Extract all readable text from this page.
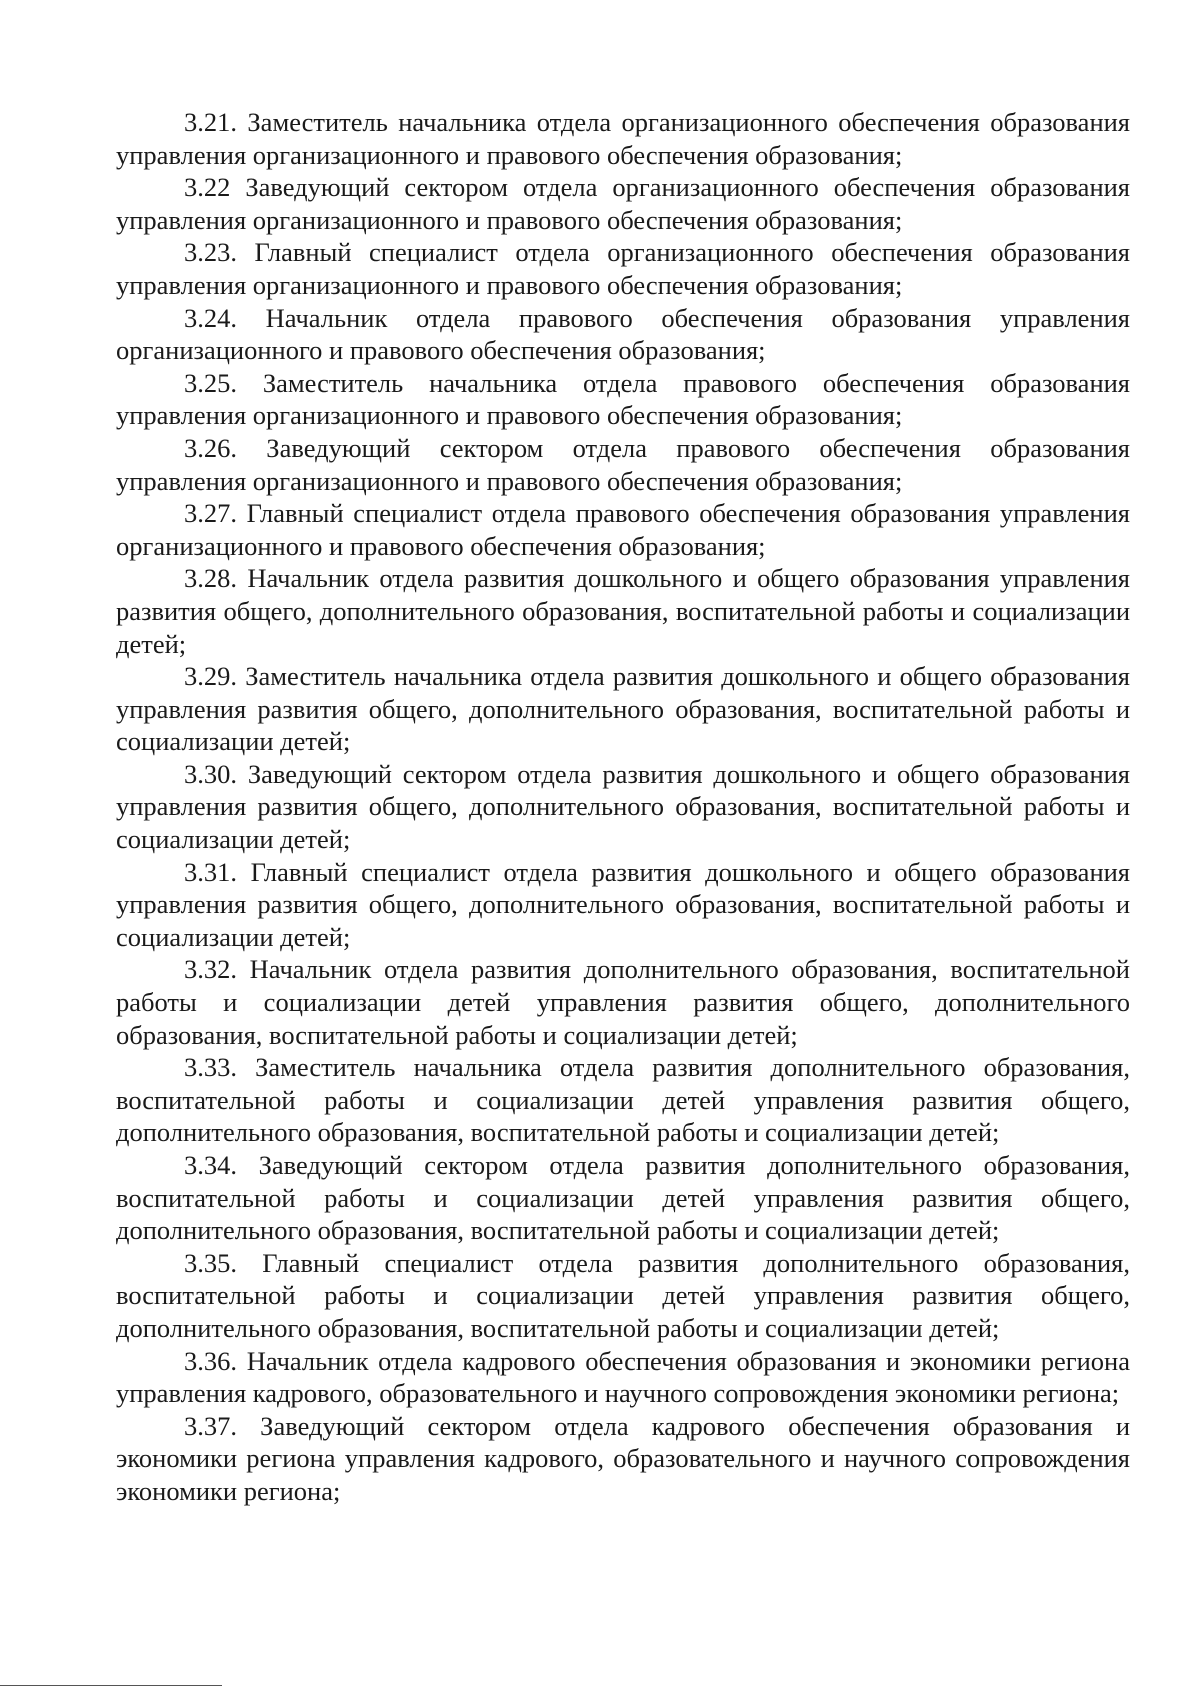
3.21. Заместитель начальника отдела организационного обеспечения образования управления организационного и правового обеспечения образования;

3.22 Заведующий сектором отдела организационного обеспечения образования управления организационного и правового обеспечения образования;

3.23. Главный специалист отдела организационного обеспечения образования управления организационного и правового обеспечения образования;

3.24. Начальник отдела правового обеспечения образования управления организационного и правового обеспечения образования;

3.25. Заместитель начальника отдела правового обеспечения образования управления организационного и правового обеспечения образования;

3.26. Заведующий сектором отдела правового обеспечения образования управления организационного и правового обеспечения образования;

3.27. Главный специалист отдела правового обеспечения образования управления организационного и правового обеспечения образования;

3.28. Начальник отдела развития дошкольного и общего образования управления развития общего, дополнительного образования, воспитательной работы и социализации детей;

3.29. Заместитель начальника отдела развития дошкольного и общего образования управления развития общего, дополнительного образования, воспитательной работы и социализации детей;

3.30. Заведующий сектором отдела развития дошкольного и общего образования управления развития общего, дополнительного образования, воспитательной работы и социализации детей;

3.31. Главный специалист отдела развития дошкольного и общего образования управления развития общего, дополнительного образования, воспитательной работы и социализации детей;

3.32. Начальник отдела развития дополнительного образования, воспитательной работы и социализации детей управления развития общего, дополнительного образования, воспитательной работы и социализации детей;

3.33. Заместитель начальника отдела развития дополнительного образования, воспитательной работы и социализации детей управления развития общего, дополнительного образования, воспитательной работы и социализации детей;

3.34. Заведующий сектором отдела развития дополнительного образования, воспитательной работы и социализации детей управления развития общего, дополнительного образования, воспитательной работы и социализации детей;

3.35. Главный специалист отдела развития дополнительного образования, воспитательной работы и социализации детей управления развития общего, дополнительного образования, воспитательной работы и социализации детей;

3.36. Начальник отдела кадрового обеспечения образования и экономики региона управления кадрового, образовательного и научного сопровождения экономики региона;

3.37. Заведующий сектором отдела кадрового обеспечения образования и экономики региона управления кадрового, образовательного и научного сопровождения экономики региона;
